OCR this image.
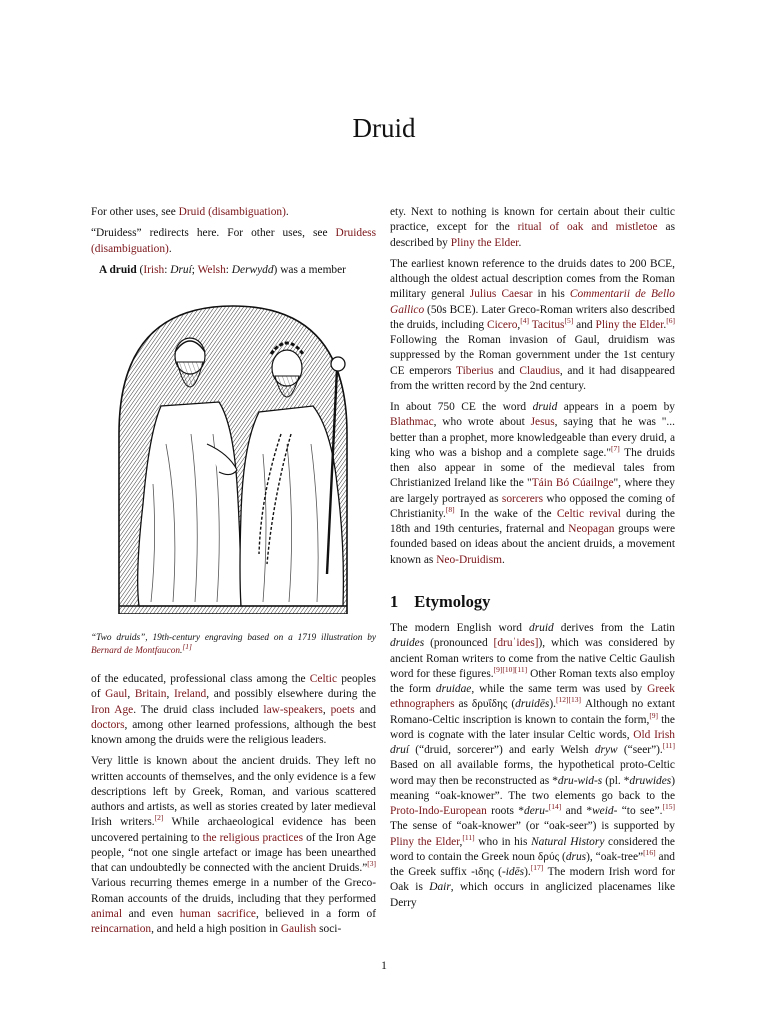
Druid

For other uses, see Druid (disambiguation).

“Druidess” redirects here. For other uses, see Druidess (disambiguation).

A druid (Irish: Druí; Welsh: Derwydd) was a member

“Two druids”, 19th-century engraving based on a 1719 illustration by Bernard de Montfaucon.[1]

of the educated, professional class among the Celtic peoples of Gaul, Britain, Ireland, and possibly elsewhere during the Iron Age. The druid class included law-speakers, poets and doctors, among other learned professions, although the best known among the druids were the religious leaders.

Very little is known about the ancient druids. They left no written accounts of themselves, and the only evidence is a few descriptions left by Greek, Roman, and various scattered authors and artists, as well as stories created by later medieval Irish writers.[2] While archaeological evidence has been uncovered pertaining to the religious practices of the Iron Age people, “not one single artefact or image has been unearthed that can undoubtedly be connected with the ancient Druids.”[3] Various recurring themes emerge in a number of the Greco-Roman accounts of the druids, including that they performed animal and even human sacrifice, believed in a form of reincarnation, and held a high position in Gaulish soci-

ety. Next to nothing is known for certain about their cultic practice, except for the ritual of oak and mistletoe as described by Pliny the Elder.

The earliest known reference to the druids dates to 200 BCE, although the oldest actual description comes from the Roman military general Julius Caesar in his Commentarii de Bello Gallico (50s BCE). Later Greco-Roman writers also described the druids, including Cicero,[4] Tacitus[5] and Pliny the Elder.[6] Following the Roman invasion of Gaul, druidism was suppressed by the Roman government under the 1st century CE emperors Tiberius and Claudius, and it had disappeared from the written record by the 2nd century.

In about 750 CE the word druid appears in a poem by Blathmac, who wrote about Jesus, saying that he was "... better than a prophet, more knowledgeable than every druid, a king who was a bishop and a complete sage."[7] The druids then also appear in some of the medieval tales from Christianized Ireland like the "Táin Bó Cúailnge", where they are largely portrayed as sorcerers who opposed the coming of Christianity.[8] In the wake of the Celtic revival during the 18th and 19th centuries, fraternal and Neopagan groups were founded based on ideas about the ancient druids, a movement known as Neo-Druidism.

1 Etymology

The modern English word druid derives from the Latin druides (pronounced [druˈides]), which was considered by ancient Roman writers to come from the native Celtic Gaulish word for these figures.[9][10][11] Other Roman texts also employ the form druidae, while the same term was used by Greek ethnographers as δρυΐδης (druidēs).[12][13] Although no extant Romano-Celtic inscription is known to contain the form,[9] the word is cognate with the later insular Celtic words, Old Irish druí (“druid, sorcerer”) and early Welsh dryw (“seer”).[11] Based on all available forms, the hypothetical proto-Celtic word may then be reconstructed as *dru-wid-s (pl. *druwides) meaning “oak-knower”. The two elements go back to the Proto-Indo-European roots *deru-[14] and *weid- “to see”.[15] The sense of “oak-knower” (or “oak-seer”) is supported by Pliny the Elder,[11] who in his Natural History considered the word to contain the Greek noun δρύς (drus), “oak-tree”[16] and the Greek suffix -ιδης (-idēs).[17] The modern Irish word for Oak is Dair, which occurs in anglicized placenames like Derry

1
